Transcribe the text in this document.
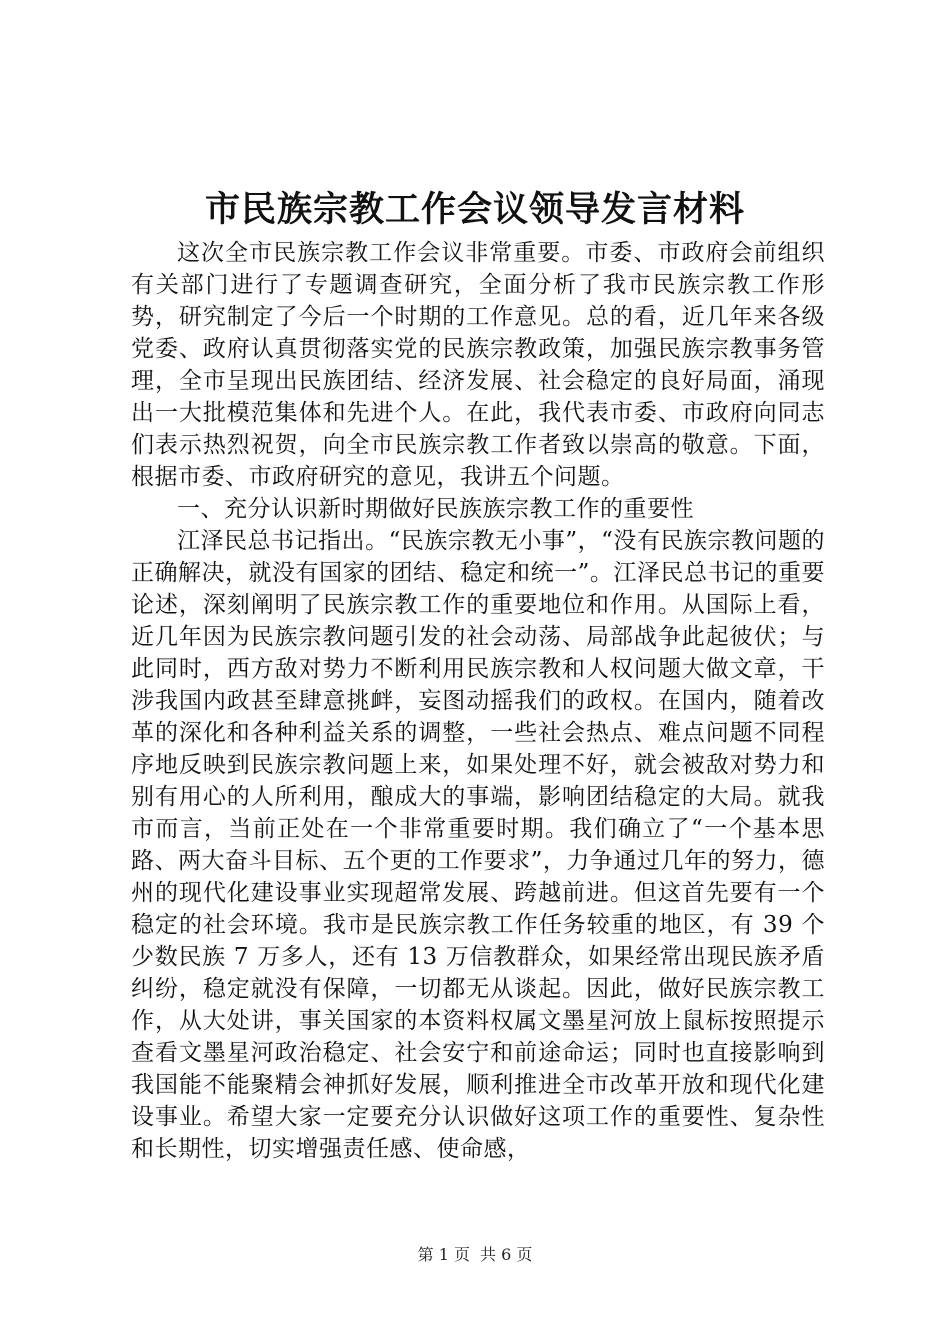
市民族宗教工作会议领导发言材料

这次全市民族宗教工作会议非常重要。市委、市政府会前组织有关部门进行了专题调查研究，全面分析了我市民族宗教工作形势，研究制定了今后一个时期的工作意见。总的看，近几年来各级党委、政府认真贯彻落实党的民族宗教政策，加强民族宗教事务管理，全市呈现出民族团结、经济发展、社会稳定的良好局面，涌现出一大批模范集体和先进个人。在此，我代表市委、市政府向同志们表示热烈祝贺，向全市民族宗教工作者致以崇高的敬意。下面，根据市委、市政府研究的意见，我讲五个问题。

一、充分认识新时期做好民族族宗教工作的重要性

江泽民总书记指出。“民族宗教无小事”，“没有民族宗教问题的正确解决，就没有国家的团结、稳定和统一”。江泽民总书记的重要论述，深刻阐明了民族宗教工作的重要地位和作用。从国际上看，近几年因为民族宗教问题引发的社会动荡、局部战争此起彼伏；与此同时，西方敌对势力不断利用民族宗教和人权问题大做文章，干涉我国内政甚至肆意挑衅，妄图动摇我们的政权。在国内，随着改革的深化和各种利益关系的调整，一些社会热点、难点问题不同程序地反映到民族宗教问题上来，如果处理不好，就会被敌对势力和别有用心的人所利用，酿成大的事端，影响团结稳定的大局。就我市而言，当前正处在一个非常重要时期。我们确立了“一个基本思路、两大奋斗目标、五个更的工作要求”，力争通过几年的努力，德州的现代化建设事业实现超常发展、跨越前进。但这首先要有一个稳定的社会环境。我市是民族宗教工作任务较重的地区，有 39 个少数民族 7 万多人，还有 13 万信教群众，如果经常出现民族矛盾纠纷，稳定就没有保障，一切都无从谈起。因此，做好民族宗教工作，从大处讲，事关国家的本资料权属文墨星河放上鼠标按照提示查看文墨星河政治稳定、社会安宁和前途命运；同时也直接影响到我国能不能聚精会神抓好发展，顺利推进全市改革开放和现代化建设事业。希望大家一定要充分认识做好这项工作的重要性、复杂性和长期性，切实增强责任感、使命感，

第 1 页 共 6 页
